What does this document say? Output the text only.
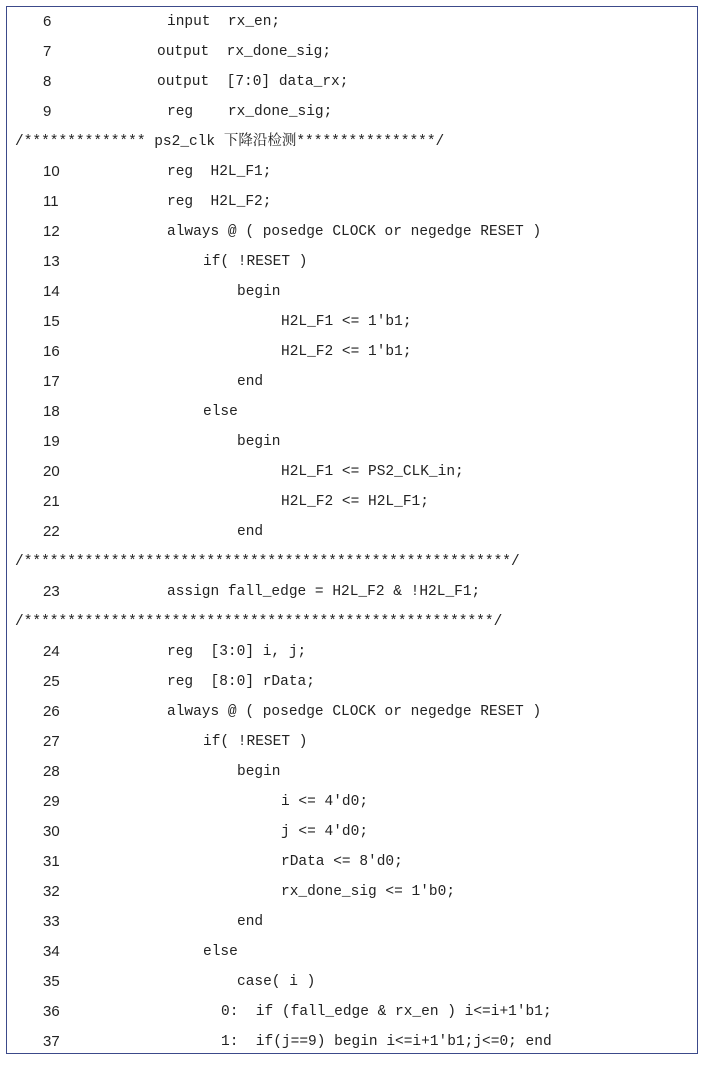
6	input  rx_en;
7	output  rx_done_sig;
8	output  [7:0] data_rx;
9	reg    rx_done_sig;
/************** ps2_clk 下降沿检测****************/
10	reg  H2L_F1;
11	reg  H2L_F2;
12	always @ ( posedge CLOCK or negedge RESET )
13	if( !RESET )
14	begin
15	H2L_F1 <= 1'b1;
16	H2L_F2 <= 1'b1;
17	end
18	else
19	begin
20	H2L_F1 <= PS2_CLK_in;
21	H2L_F2 <= H2L_F1;
22	end
/********************************************************/
23	assign fall_edge = H2L_F2 & !H2L_F1;
/******************************************************/
24	reg  [3:0] i, j;
25	reg  [8:0] rData;
26	always @ ( posedge CLOCK or negedge RESET )
27	if( !RESET )
28	begin
29	i <= 4'd0;
30	j <= 4'd0;
31	rData <= 8'd0;
32	rx_done_sig <= 1'b0;
33	end
34	else
35	case( i )
36	0:  if (fall_edge & rx_en ) i<=i+1'b1;
37	1:  if(j==9) begin i<=i+1'b1;j<=0; end
